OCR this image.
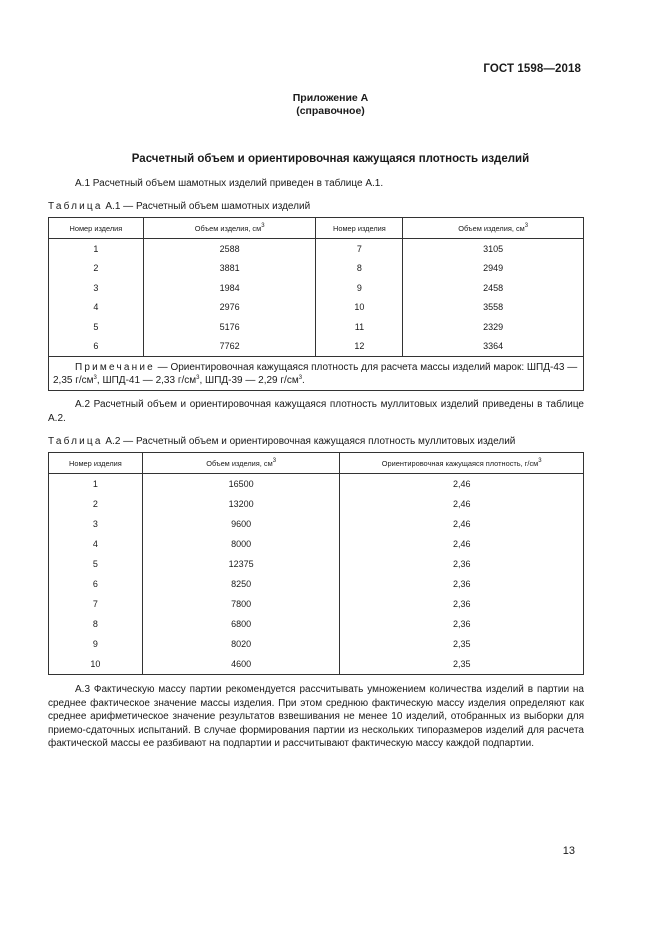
ГОСТ 1598—2018
Приложение А
(справочное)
Расчетный объем и ориентировочная кажущаяся плотность изделий
А.1 Расчетный объем шамотных изделий приведен в таблице А.1.
Таблица А.1 — Расчетный объем шамотных изделий
Номер изделия	Объем изделия, $см^3$	Номер изделия	Объем изделия, $см^3$
1	2588	7	3105
2	3881	8	2949
3	1984	9	2458
4	2976	10	3558
5	5176	11	2329
6	7762	12	3364
Примечание — Ориентировочная кажущаяся плотность для расчета массы изделий марок: ШПД-43 — 2,35 $г/см^3$, ШПД-41 — 2,33 $г/см^3$, ШПД-39 — 2,29 $г/см^3$.			
А.2 Расчетный объем и ориентировочная кажущаяся плотность муллитовых изделий приведены в таблице А.2.
Таблица А.2 — Расчетный объем и ориентировочная кажущаяся плотность муллитовых изделий
Номер изделия	Объем изделия, $см^3$	Ориентировочная кажущаяся плотность, $г/см^3$
1	16500	2,46
2	13200	2,46
3	9600	2,46
4	8000	2,46
5	12375	2,36
6	8250	2,36
7	7800	2,36
8	6800	2,36
9	8020	2,35
10	4600	2,35
А.3 Фактическую массу партии рекомендуется рассчитывать умножением количества изделий в партии на среднее фактическое значение массы изделия. При этом среднюю фактическую массу изделия определяют как среднее арифметическое значение результатов взвешивания не менее 10 изделий, отобранных из выборки для приемо-сдаточных испытаний. В случае формирования партии из нескольких типоразмеров изделий для расчета фактической массы ее разбивают на подпартии и рассчитывают фактическую массу каждой подпартии.
13
